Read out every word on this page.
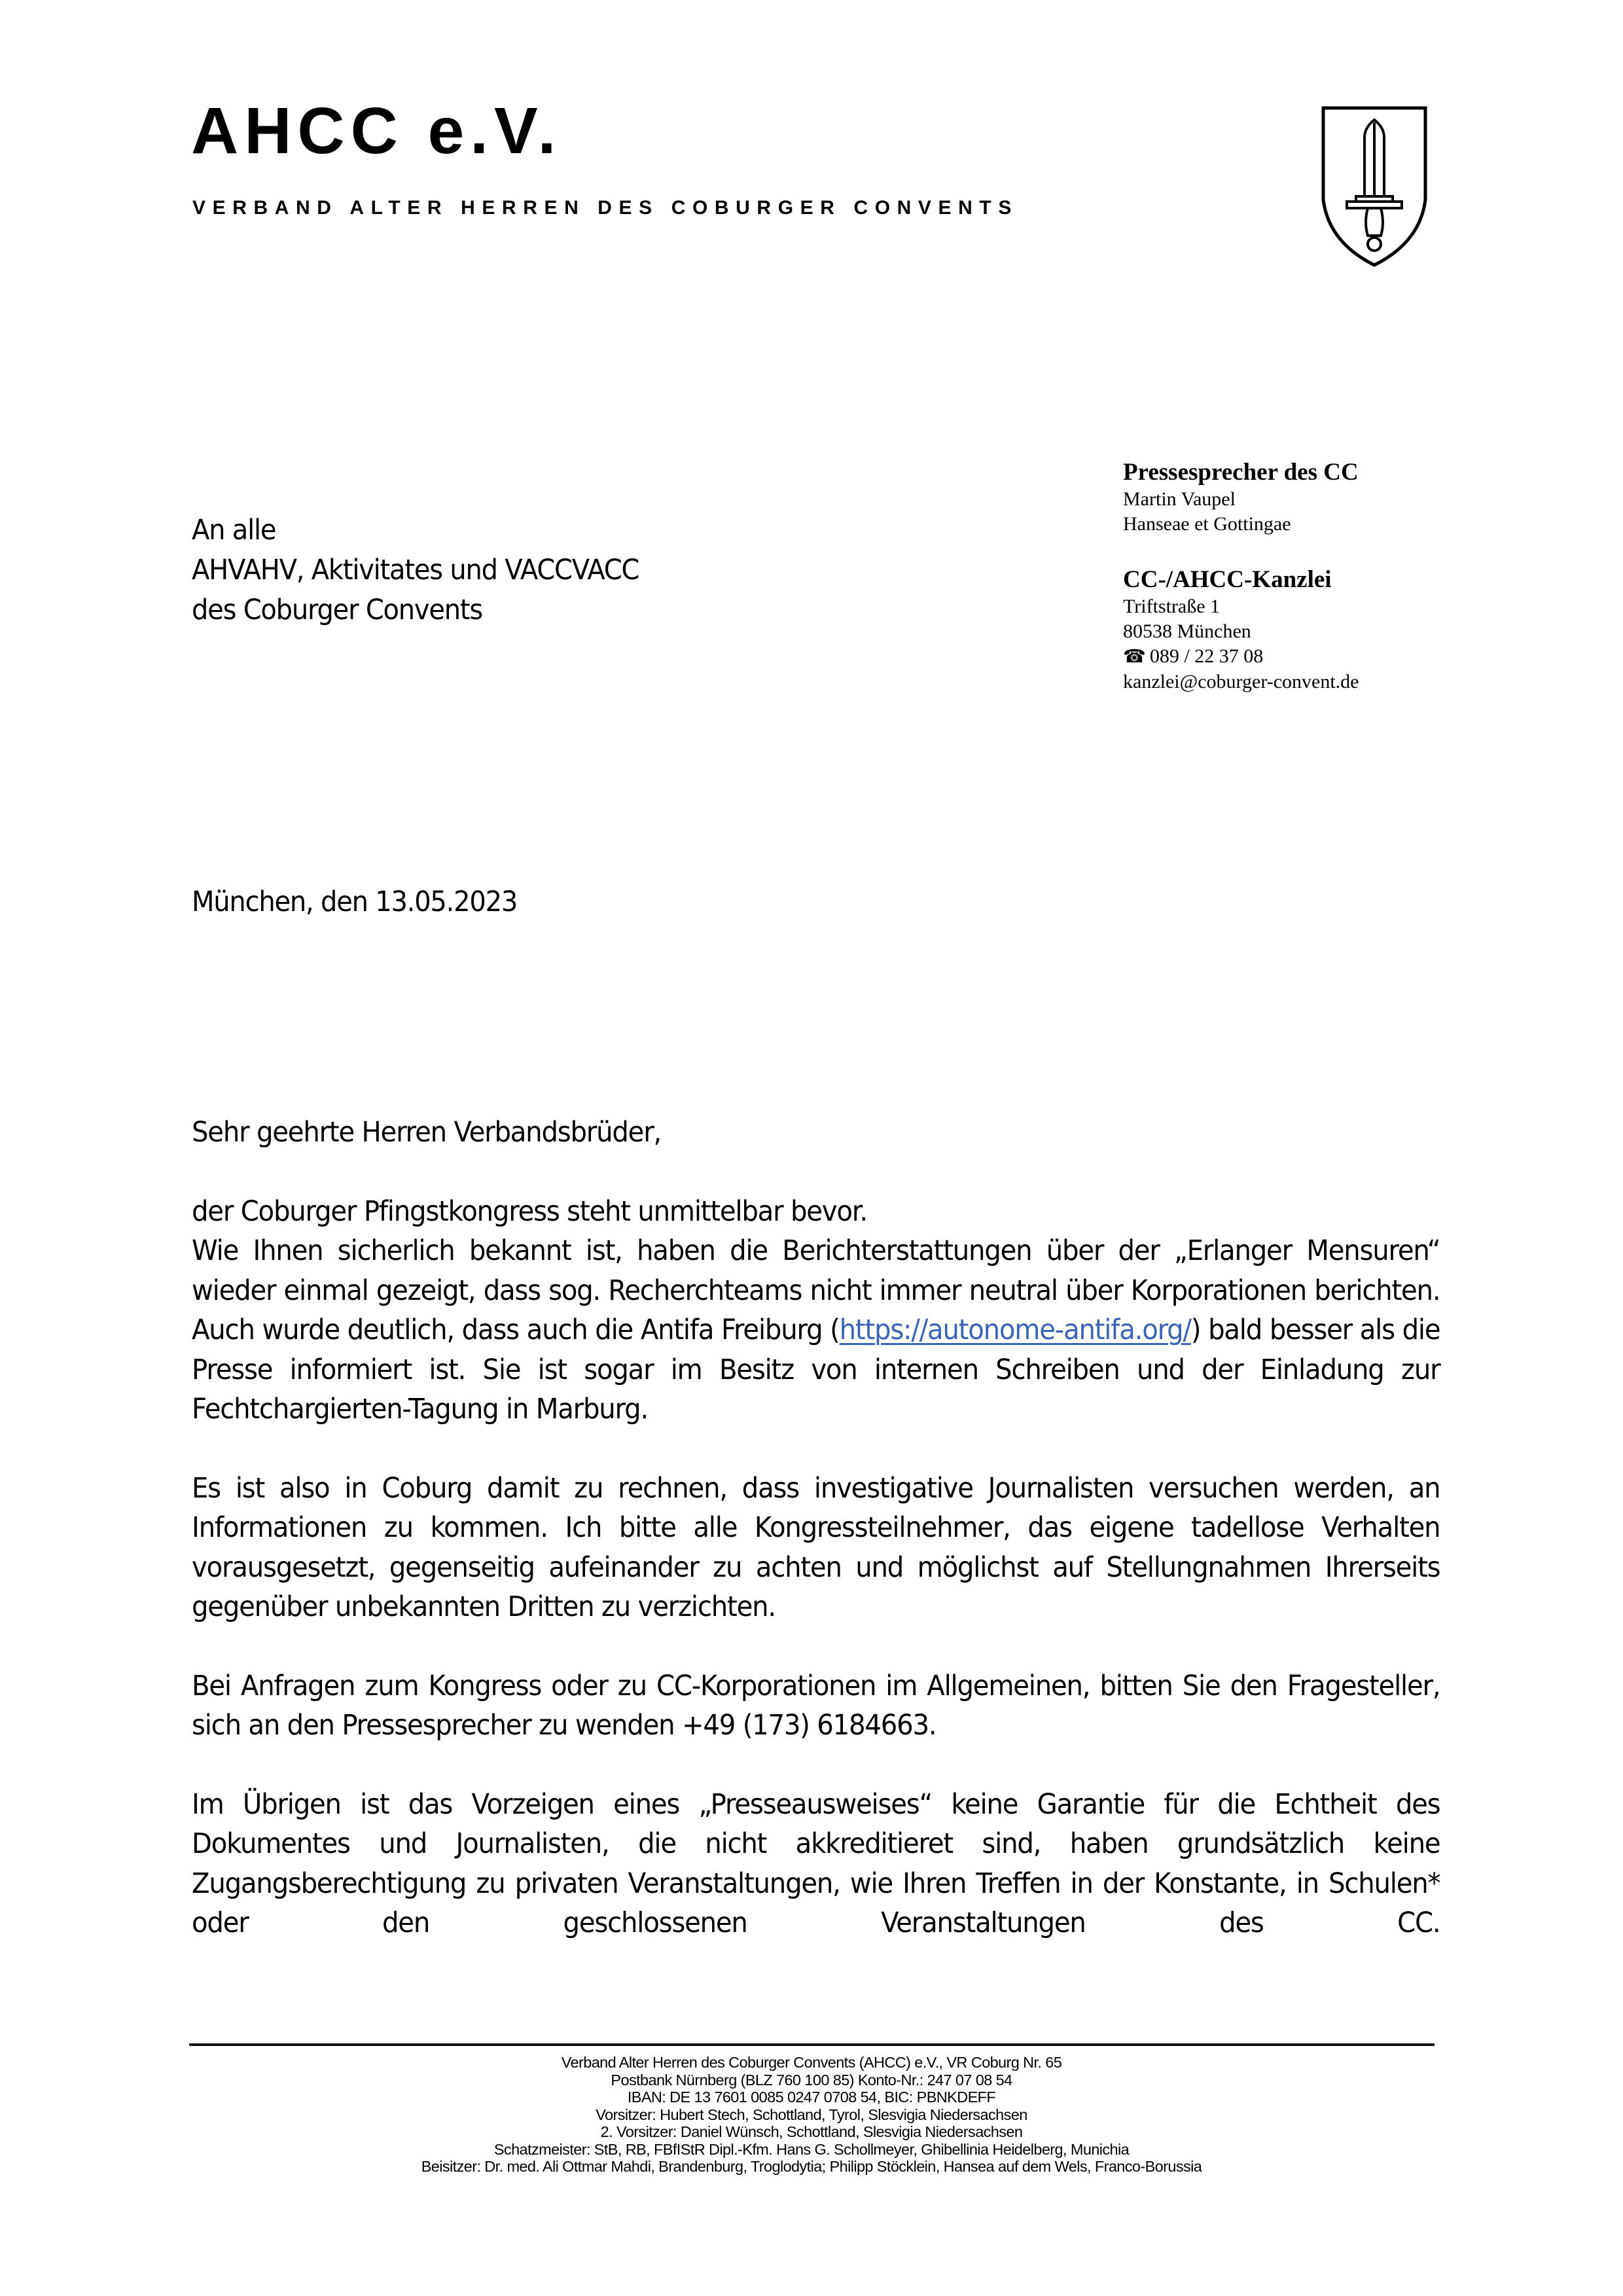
AHCC e.V.
VERBAND ALTER HERREN DES COBURGER CONVENTS
An alle
AHVAHV, Aktivitates und VACCVACC
des Coburger Convents
Pressesprecher des CC
Martin Vaupel
Hanseae et Gottingae
CC-/AHCC-Kanzlei
Triftstraße 1
80538 München
☎ 089 / 22 37 08
kanzlei@coburger-convent.de
München, den 13.05.2023

Sehr geehrte Herren Verbandsbrüder,

der Coburger Pfingstkongress steht unmittelbar bevor.

Wie Ihnen sicherlich bekannt ist, haben die Berichterstattungen über der „Erlanger Mensuren“ wieder einmal gezeigt, dass sog. Recherchteams nicht immer neutral über Korporationen berichten. Auch wurde deutlich, dass auch die Antifa Freiburg (https://autonome-antifa.org/) bald besser als die Presse informiert ist. Sie ist sogar im Besitz von internen Schreiben und der Einladung zur Fechtchargierten-Tagung in Marburg.

Es ist also in Coburg damit zu rechnen, dass investigative Journalisten versuchen werden, an Informationen zu kommen. Ich bitte alle Kongressteilnehmer, das eigene tadellose Verhalten vorausgesetzt, gegenseitig aufeinander zu achten und möglichst auf Stellungnahmen Ihrerseits gegenüber unbekannten Dritten zu verzichten.

Bei Anfragen zum Kongress oder zu CC-Korporationen im Allgemeinen, bitten Sie den Fragesteller, sich an den Pressesprecher zu wenden +49 (173) 6184663.

Im Übrigen ist das Vorzeigen eines „Presseausweises“ keine Garantie für die Echtheit des Dokumentes und Journalisten, die nicht akkreditieret sind, haben grundsätzlich keine Zugangsberechtigung zu privaten Veranstaltungen, wie Ihren Treffen in der Konstante, in Schulen* oder den geschlossenen Veranstaltungen des CC.

Verband Alter Herren des Coburger Convents (AHCC) e.V., VR Coburg Nr. 65
Postbank Nürnberg (BLZ 760 100 85) Konto-Nr.: 247 07 08 54
IBAN: DE 13 7601 0085 0247 0708 54, BIC: PBNKDEFF
Vorsitzer: Hubert Stech, Schottland, Tyrol, Slesvigia Niedersachsen
2. Vorsitzer: Daniel Wünsch, Schottland, Slesvigia Niedersachsen
Schatzmeister: StB, RB, FBfIStR Dipl.-Kfm. Hans G. Schollmeyer, Ghibellinia Heidelberg, Munichia
Beisitzer: Dr. med. Ali Ottmar Mahdi, Brandenburg, Troglodytia; Philipp Stöcklein, Hansea auf dem Wels, Franco-Borussia
